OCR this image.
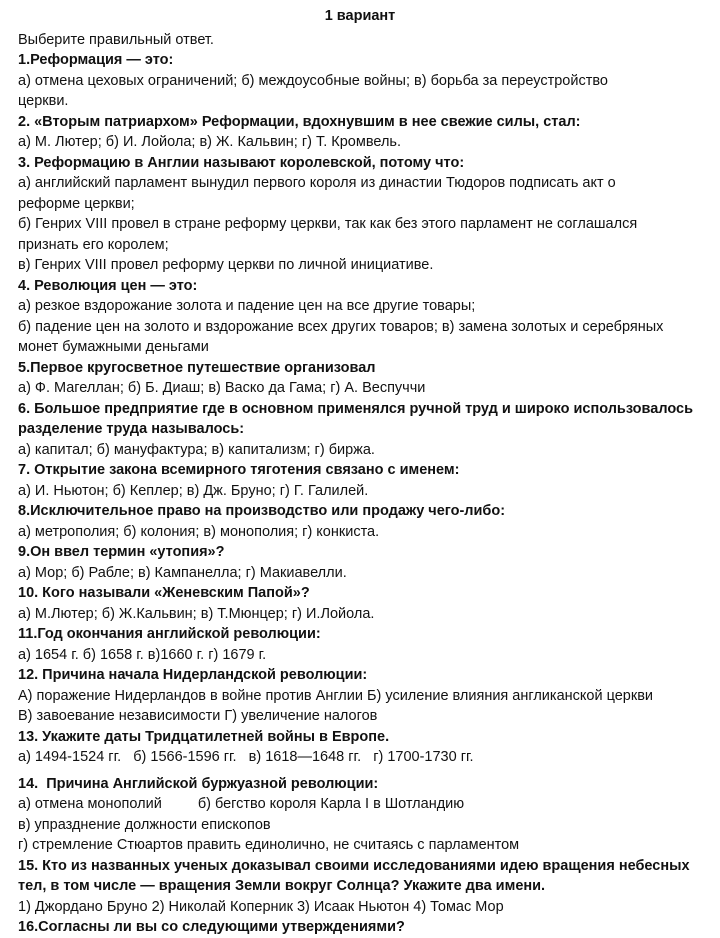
1 вариант
Выберите правильный ответ.
1.Реформация — это:
а) отмена цеховых ограничений; б) междоусобные войны; в) борьба за переустройство
церкви.
2. «Вторым патриархом» Реформации, вдохнувшим в нее свежие силы, стал:
а) М. Лютер; б) И. Лойола; в) Ж. Кальвин; г) Т. Кромвель.
3. Реформацию в Англии называют королевской, потому что:
а) английский парламент вынудил первого короля из династии Тюдоров подписать акт о
реформе церкви;
б) Генрих VIII провел в стране реформу церкви, так как без этого парламент не соглашался
признать его королем;
в) Генрих VIII провел реформу церкви по личной инициативе.
4. Революция цен — это:
а) резкое вздорожание золота и падение цен на все другие товары;
б) падение цен на золото и вздорожание всех других товаров; в) замена золотых и серебряных
монет бумажными деньгами
5.Первое кругосветное путешествие организовал
а) Ф. Магеллан; б) Б. Диаш; в) Васко да Гама; г) А. Веспуччи
6. Большое предприятие где в основном применялся ручной труд и широко использовалось
разделение труда называлось:
а) капитал; б) мануфактура; в) капитализм; г) биржа.
7. Открытие закона всемирного тяготения связано с именем:
а) И. Ньютон; б) Кеплер; в) Дж. Бруно; г) Г. Галилей.
8.Исключительное право на производство или продажу чего-либо:
а) метрополия; б) колония; в) монополия; г) конкиста.
9.Он ввел термин «утопия»?
а) Мор; б) Рабле; в) Кампанелла; г) Макиавелли.
10. Кого называли «Женевским Папой»?
а) М.Лютер; б) Ж.Кальвин; в) Т.Мюнцер; г) И.Лойола.
11.Год окончания английской революции:
а) 1654 г. б) 1658 г. в)1660 г. г) 1679 г.
12. Причина начала Нидерландской революции:
А) поражение Нидерландов в войне против Англии Б) усиление влияния англиканской церкви
В) завоевание независимости Г) увеличение налогов
13. Укажите даты Тридцатилетней войны в Европе.
а) 1494-1524 гг.   б) 1566-1596 гг.   в) 1618—1648 гг.   г) 1700-1730 гг.
14.  Причина Английской буржуазной революции:
а) отмена монополий б) бегство короля Карла I в Шотландию
в) упразднение должности епископов
г) стремление Стюартов править единолично, не считаясь с парламентом
15. Кто из названных ученых доказывал своими исследованиями идею вращения небесных
тел, в том числе — вращения Земли вокруг Солнца? Укажите два имени.
1) Джордано Бруно 2) Николай Коперник 3) Исаак Ньютон 4) Томас Мор
16.Согласны ли вы со следующими утверждениями?
